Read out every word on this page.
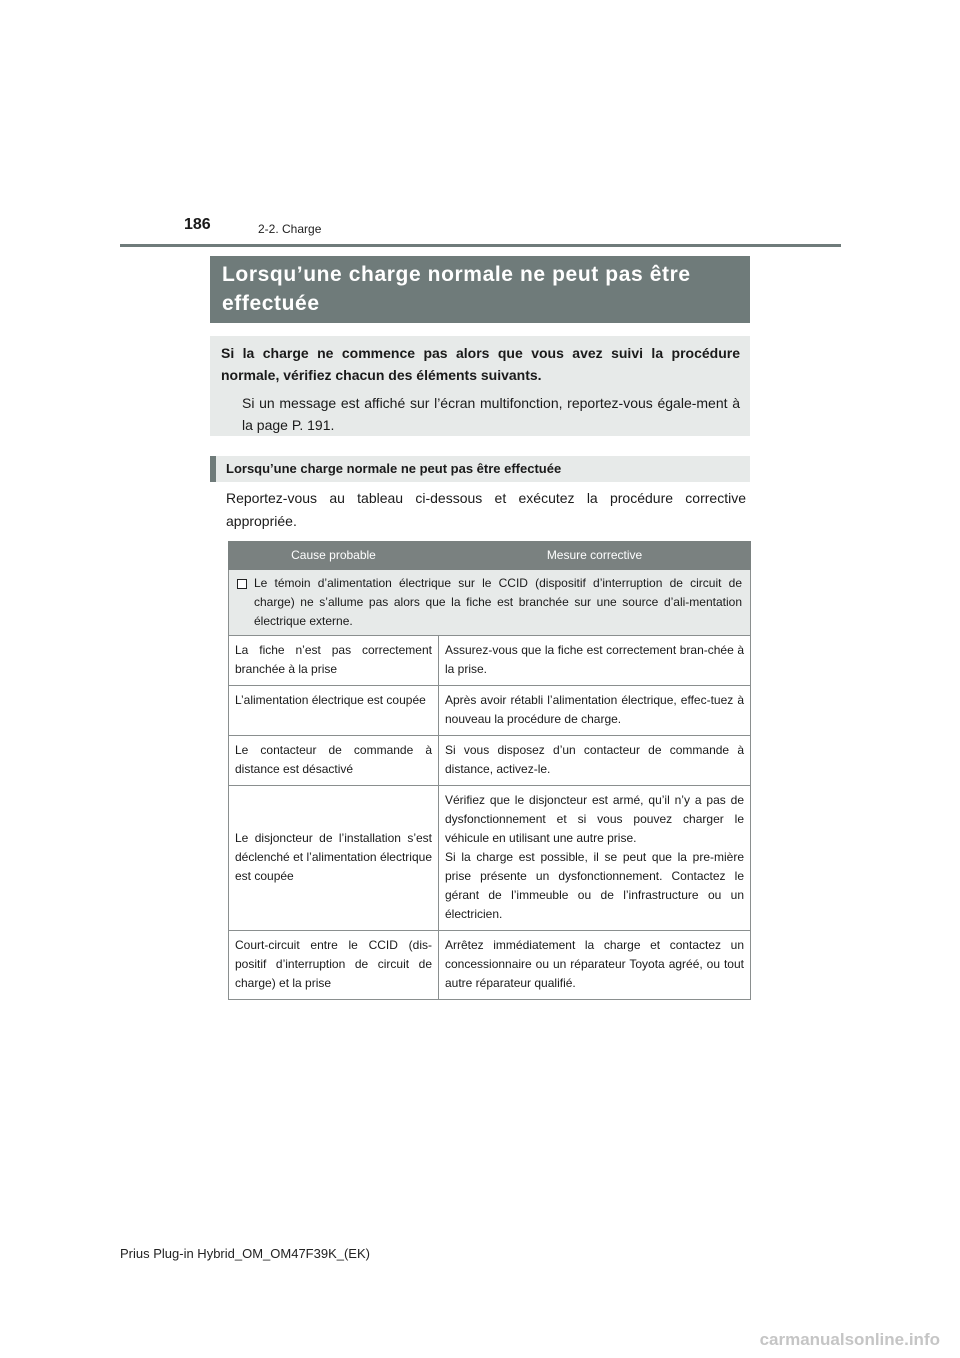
186	2-2. Charge
Lorsqu’une charge normale ne peut pas être effectuée
Si la charge ne commence pas alors que vous avez suivi la procédure normale, vérifiez chacun des éléments suivants.
Si un message est affiché sur l’écran multifonction, reportez-vous égale-ment à la page P. 191.
Lorsqu’une charge normale ne peut pas être effectuée
Reportez-vous au tableau ci-dessous et exécutez la procédure corrective appropriée.
Cause probable	Mesure corrective

Le témoin d’alimentation électrique sur le CCID (dispositif d’interruption de circuit de charge) ne s’allume pas alors que la fiche est branchée sur une source d’ali-mentation électrique externe.	

La fiche n’est pas correctement branchée à la prise	Assurez-vous que la fiche est correctement bran-chée à la prise.
L’alimentation électrique est coupée	Après avoir rétabli l’alimentation électrique, effec-tuez à nouveau la procédure de charge.
Le contacteur de commande à distance est désactivé	Si vous disposez d’un contacteur de commande à distance, activez-le.
Le disjoncteur de l’installation s’est déclenché et l’alimentation électrique est coupée	Vérifiez que le disjoncteur est armé, qu’il n’y a pas de dysfonctionnement et si vous pouvez charger le véhicule en utilisant une autre prise.
Si la charge est possible, il se peut que la pre-mière prise présente un dysfonctionnement. Contactez le gérant de l’immeuble ou de l’infrastructure ou un électricien.

Court-circuit entre le CCID (dis-positif d’interruption de circuit de charge) et la prise	Arrêtez immédiatement la charge et contactez un concessionnaire ou un réparateur Toyota agréé, ou tout autre réparateur qualifié.
Prius Plug-in Hybrid_OM_OM47F39K_(EK)
carmanualsonline.info
